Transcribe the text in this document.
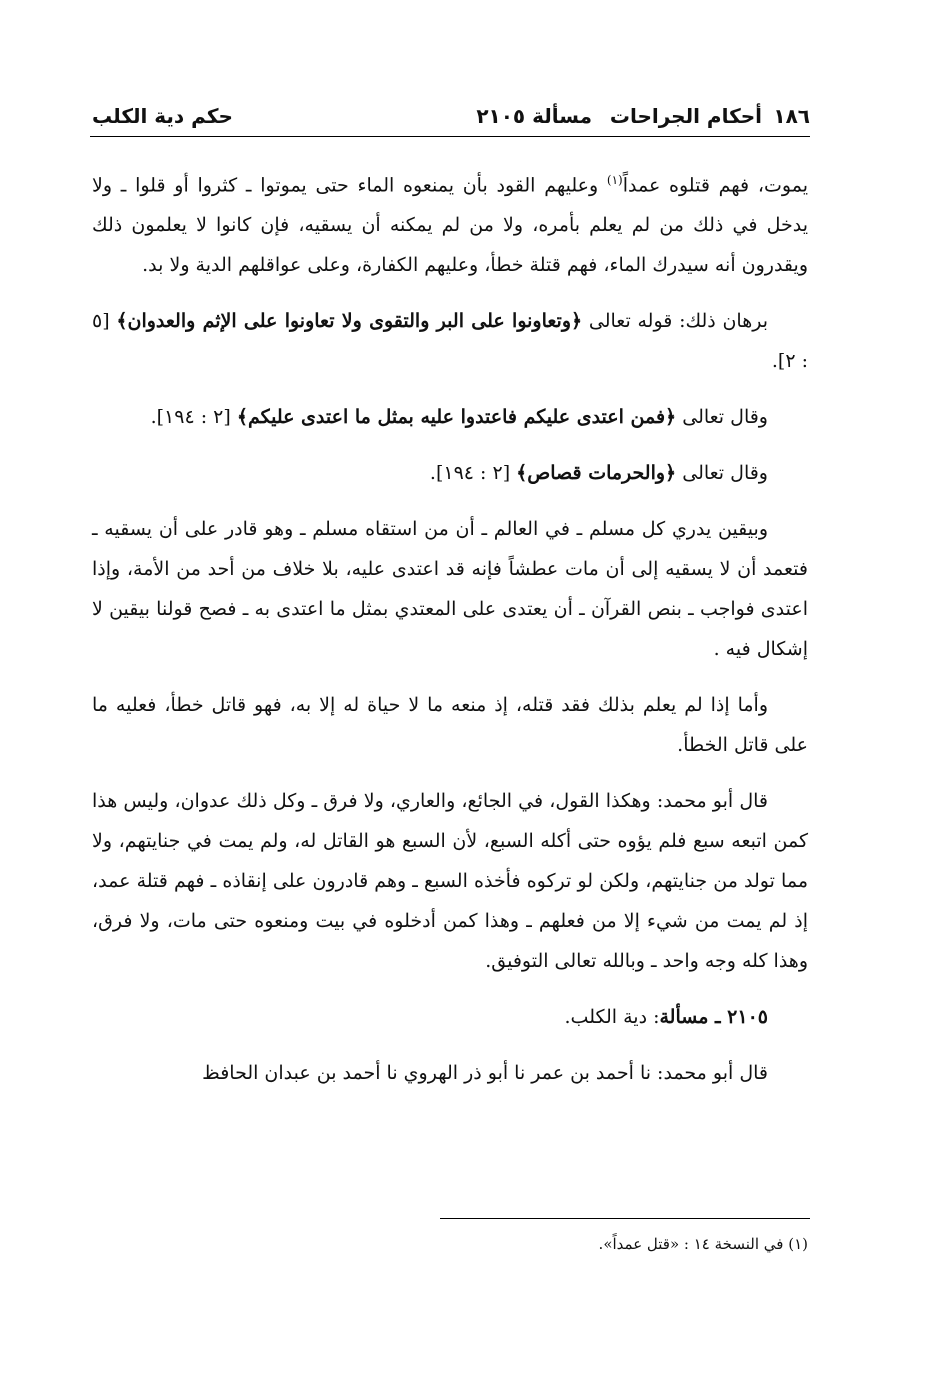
١٨٦
أحكام الجراحات
مسألة ٢١٠٥
حكم دية الكلب

يموت، فهم قتلوه عمداً$^{(١)}$ وعليهم القود بأن يمنعوه الماء حتى يموتوا ـ كثروا أو قلوا ـ ولا يدخل في ذلك من لم يعلم بأمره، ولا من لم يمكنه أن يسقيه، فإن كانوا لا يعلمون ذلك ويقدرون أنه سيدرك الماء، فهم قتلة خطأ، وعليهم الكفارة، وعلى عواقلهم الدية ولا بد.

برهان ذلك: قوله تعالى ﴿وتعاونوا على البر والتقوى ولا تعاونوا على الإثم والعدوان﴾ [٥ : ٢].

وقال تعالى ﴿فمن اعتدى عليكم فاعتدوا عليه بمثل ما اعتدى عليكم﴾ [٢ : ١٩٤].

وقال تعالى ﴿والحرمات قصاص﴾ [٢ : ١٩٤].

وبيقين يدري كل مسلم ـ في العالم ـ أن من استقاه مسلم ـ وهو قادر على أن يسقيه ـ فتعمد أن لا يسقيه إلى أن مات عطشاً فإنه قد اعتدى عليه، بلا خلاف من أحد من الأمة، وإذا اعتدى فواجب ـ بنص القرآن ـ أن يعتدى على المعتدي بمثل ما اعتدى به ـ فصح قولنا بيقين لا إشكال فيه .

وأما إذا لم يعلم بذلك فقد قتله، إذ منعه ما لا حياة له إلا به، فهو قاتل خطأ، فعليه ما على قاتل الخطأ.

قال أبو محمد: وهكذا القول، في الجائع، والعاري، ولا فرق ـ وكل ذلك عدوان، وليس هذا كمن اتبعه سبع فلم يؤوه حتى أكله السبع، لأن السبع هو القاتل له، ولم يمت في جنايتهم، ولا مما تولد من جنايتهم، ولكن لو تركوه فأخذه السبع ـ وهم قادرون على إنقاذه ـ فهم قتلة عمد، إذ لم يمت من شيء إلا من فعلهم ـ وهذا كمن أدخلوه في بيت ومنعوه حتى مات، ولا فرق، وهذا كله وجه واحد ـ وبالله تعالى التوفيق.

٢١٠٥ ـ مسألة: دية الكلب.

قال أبو محمد: نا أحمد بن عمر نا أبو ذر الهروي نا أحمد بن عبدان الحافظ

(١) في النسخة ١٤ : «قتل عمداً».
